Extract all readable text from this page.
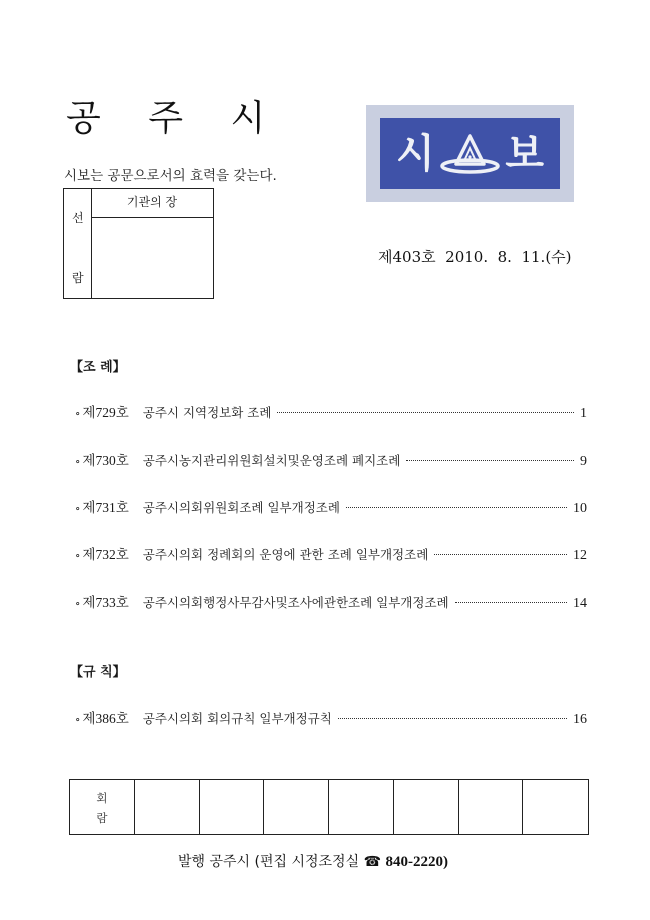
공 주 시
시보는 공문으로서의 효력을 갖는다.
선
람
기관의 장
시 보
제403호  2010.  8.  11.(수)
【조 례】
∘ 제729호 공주시 지역정보화 조례	1
∘ 제730호 공주시농지관리위원회설치및운영조례 폐지조례	9
∘ 제731호 공주시의회위원회조례 일부개정조례	10
∘ 제732호 공주시의회 정례회의 운영에 관한 조례 일부개정조례	12
∘ 제733호 공주시의회행정사무감사및조사에관한조례 일부개정조례	14
【규 칙】
∘ 제386호 공주시의회 회의규칙 일부개정규칙	16
회
람
발행 공주시 (편집 시정조정실 ☎ 840-2220)
